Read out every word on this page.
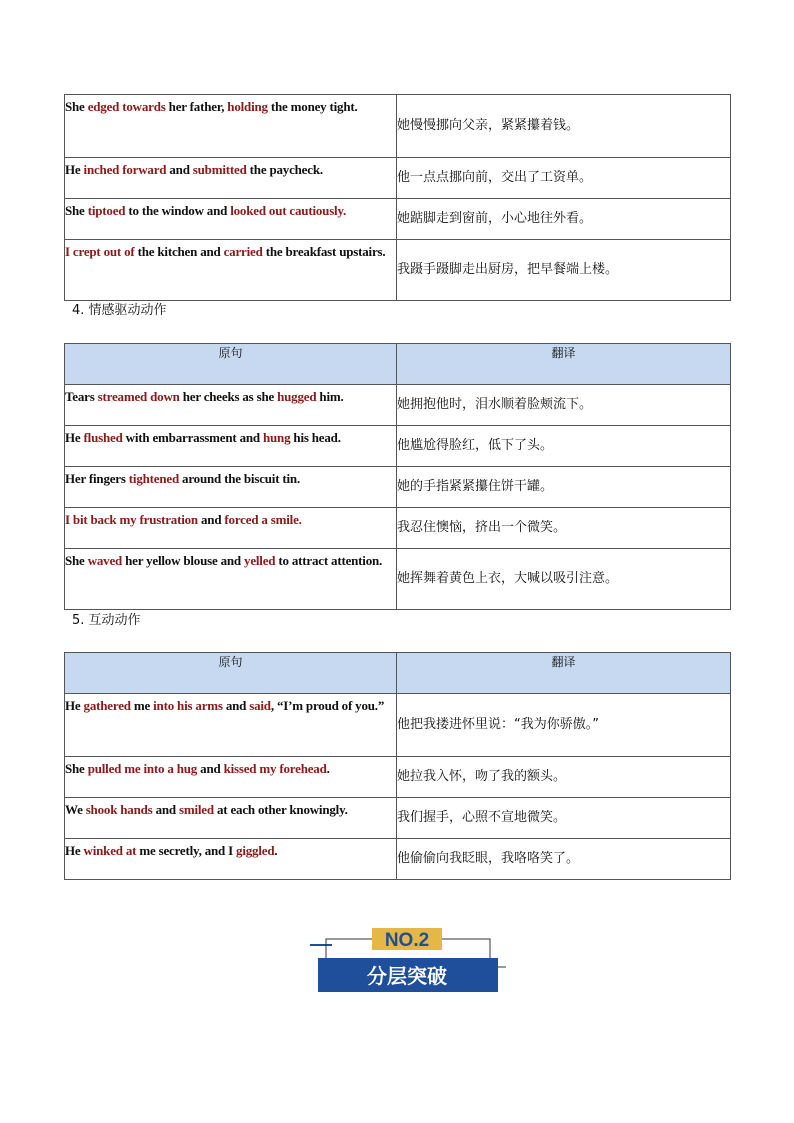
She edged towards her father, holding the money tight.	她慢慢挪向父亲，紧紧攥着钱。
He inched forward and submitted the paycheck.	他一点点挪向前，交出了工资单。
She tiptoed to the window and looked out cautiously.	她踮脚走到窗前，小心地往外看。
I crept out of the kitchen and carried the breakfast upstairs.	我蹑手蹑脚走出厨房，把早餐端上楼。
4. 情感驱动动作
原句	翻译
Tears streamed down her cheeks as she hugged him.	她拥抱他时，泪水顺着脸颊流下。
He flushed with embarrassment and hung his head.	他尴尬得脸红，低下了头。
Her fingers tightened around the biscuit tin.	她的手指紧紧攥住饼干罐。
I bit back my frustration and forced a smile.	我忍住懊恼，挤出一个微笑。
She waved her yellow blouse and yelled to attract attention.	她挥舞着黄色上衣，大喊以吸引注意。
5. 互动动作
原句	翻译
He gathered me into his arms and said, “I’m proud of you.”	他把我搂进怀里说：“我为你骄傲。”
She pulled me into a hug and kissed my forehead.	她拉我入怀，吻了我的额头。
We shook hands and smiled at each other knowingly.	我们握手，心照不宣地微笑。
He winked at me secretly, and I giggled.	他偷偷向我眨眼，我咯咯笑了。
NO.2
分层突破
